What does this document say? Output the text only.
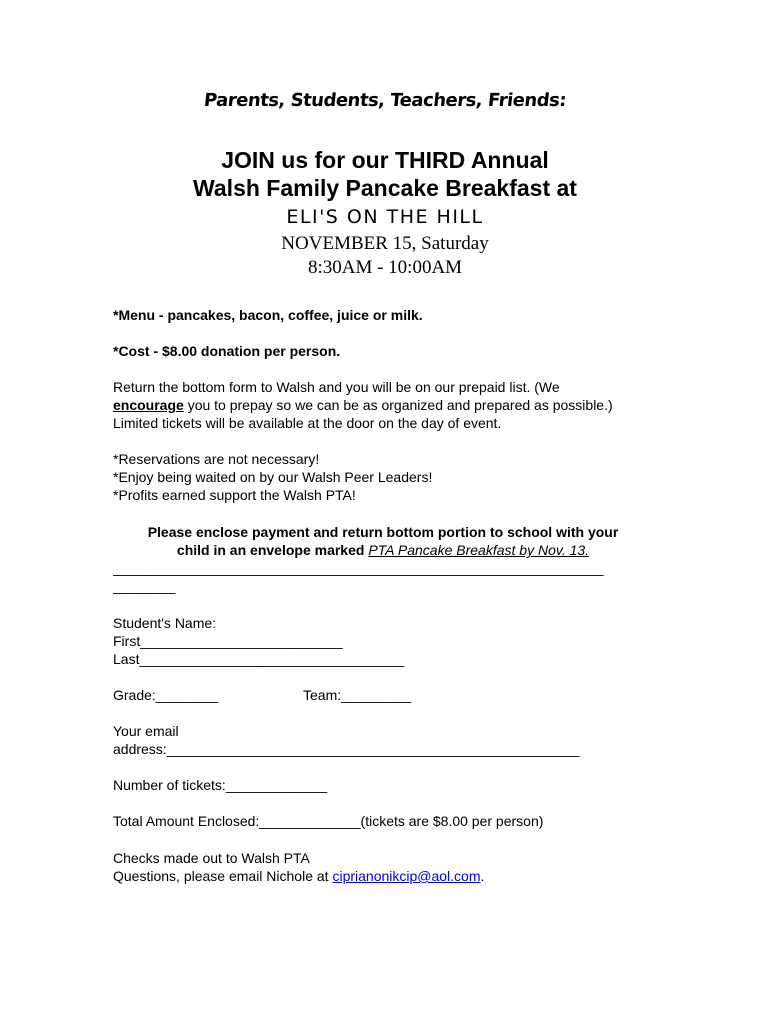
Parents, Students, Teachers, Friends:
JOIN us for our THIRD Annual
Walsh Family Pancake Breakfast at
ELI'S ON THE HILL
NOVEMBER 15, Saturday
8:30AM - 10:00AM
*Menu - pancakes, bacon, coffee, juice or milk.
*Cost - $8.00 donation per person.
Return the bottom form to Walsh and you will be on our prepaid list. (We
encourage you to prepay so we can be as organized and prepared as possible.)
Limited tickets will be available at the door on the day of event.
*Reservations are not necessary!
*Enjoy being waited on by our Walsh Peer Leaders!
*Profits earned support the Walsh PTA!
Please enclose payment and return bottom portion to school with your
child in an envelope marked PTA Pancake Breakfast by Nov. 13.
_______________________________________________________________
________
Student's Name:
First__________________________
Last__________________________________
Grade:________	Team:_________
Your email
address:_____________________________________________________
Number of tickets:_____________
Total Amount Enclosed:_____________(tickets are $8.00 per person)
Checks made out to Walsh PTA
Questions, please email Nichole at ciprianonikcip@aol.com.
